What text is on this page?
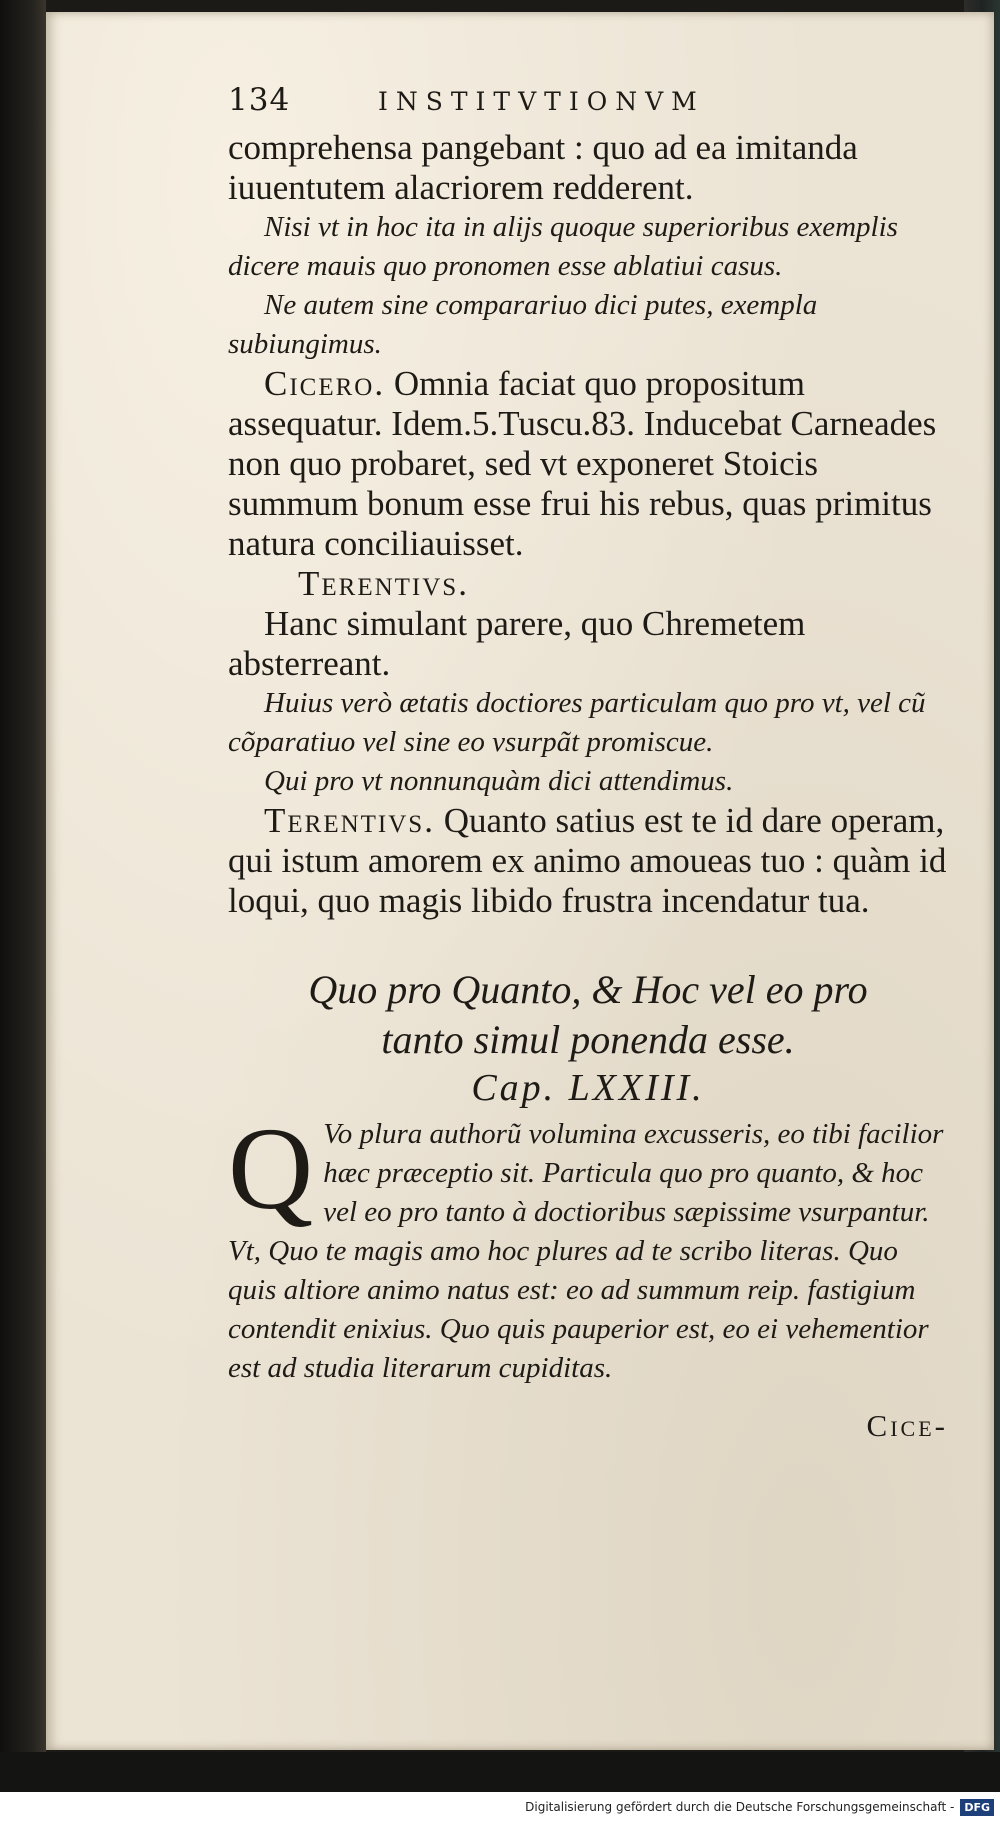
134	INSTITVTIONVM

comprehensa pangebant : quo ad ea imitanda iuuentutem alacriorem redderent.

Nisi vt in hoc ita in alijs quoque superioribus exemplis dicere mauis quo pronomen esse ablatiui casus.

Ne autem sine comparariuo dici putes, exempla subiungimus.

Cicero. Omnia faciat quo propositum assequatur. Idem.5.Tuscu.83. Inducebat Carneades non quo probaret, sed vt exponeret Stoicis summum bonum esse frui his rebus, quas primitus natura conciliauisset.

Terentivs.

Hanc simulant parere, quo Chremetem absterreant.

Huius verò ætatis doctiores particulam quo pro vt, vel cũ cõparatiuo vel sine eo vsurpãt promiscue.

Qui pro vt nonnunquàm dici attendimus.

Terentivs. Quanto satius est te id dare operam, qui istum amorem ex animo amoueas tuo : quàm id loqui, quo magis libido frustra incendatur tua.

Quo pro Quanto, & Hoc vel eo pro

tanto simul ponenda esse.

Cap. LXXIII.

Q Vo plura authorũ volumina excusseris, eo tibi facilior hæc præceptio sit. Particula quo pro quanto, & hoc vel eo pro tanto à doctioribus sæpissime vsurpantur. Vt, Quo te magis amo hoc plures ad te scribo literas. Quo quis altiore animo natus est: eo ad summum reip. fastigium contendit enixius. Quo quis pauperior est, eo ei vehementior est ad studia literarum cupiditas.

Cice-
Digitalisierung gefördert durch die Deutsche Forschungsgemeinschaft - DFG
